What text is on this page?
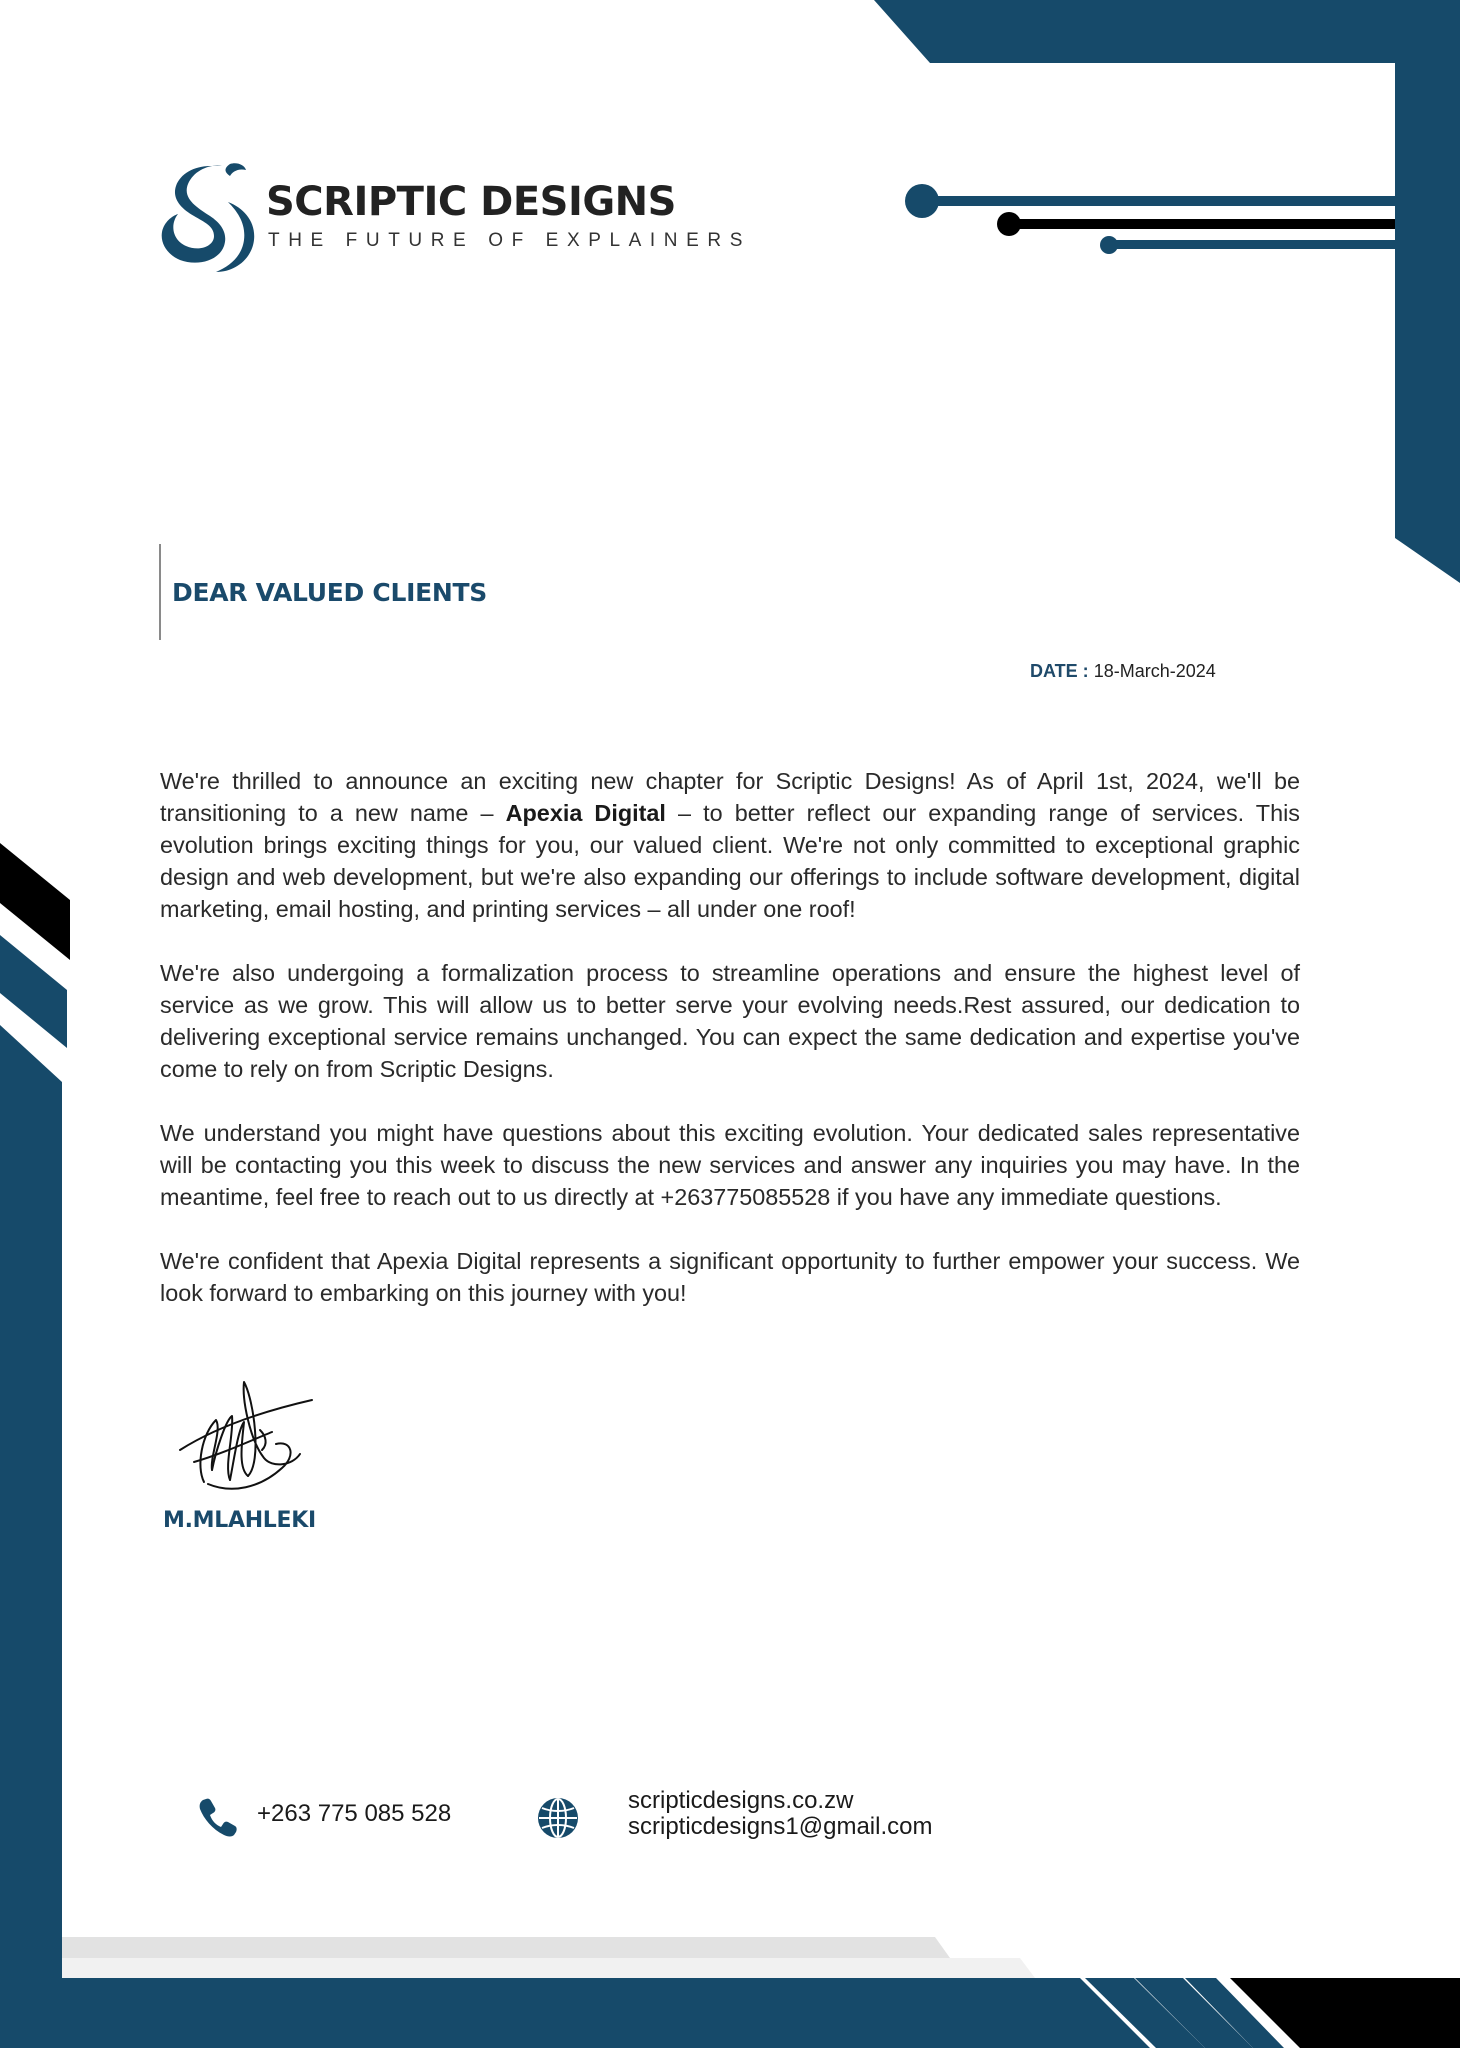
SCRIPTIC DESIGNS
THE FUTURE OF EXPLAINERS
DEAR VALUED CLIENTS
DATE : 18-March-2024

We're thrilled to announce an exciting new chapter for Scriptic Designs! As of April 1st, 2024, we'll be transitioning to a new name – Apexia Digital – to better reflect our expanding range of services. This evolution brings exciting things for you, our valued client. We're not only committed to exceptional graphic design and web development, but we're also expanding our offerings to include software development, digital marketing, email hosting, and printing services – all under one roof!

We're also undergoing a formalization process to streamline operations and ensure the highest level of service as we grow. This will allow us to better serve your evolving needs.Rest assured, our dedication to delivering exceptional service remains unchanged. You can expect the same dedication and expertise you've come to rely on from Scriptic Designs.

We understand you might have questions about this exciting evolution. Your dedicated sales representative will be contacting you this week to discuss the new services and answer any inquiries you may have. In the meantime, feel free to reach out to us directly at +263775085528 if you have any immediate questions.

We're confident that Apexia Digital represents a significant opportunity to further empower your success. We look forward to embarking on this journey with you!

M.MLAHLEKI
+263 775 085 528	scripticdesigns.co.zw
scripticdesigns1@gmail.com
